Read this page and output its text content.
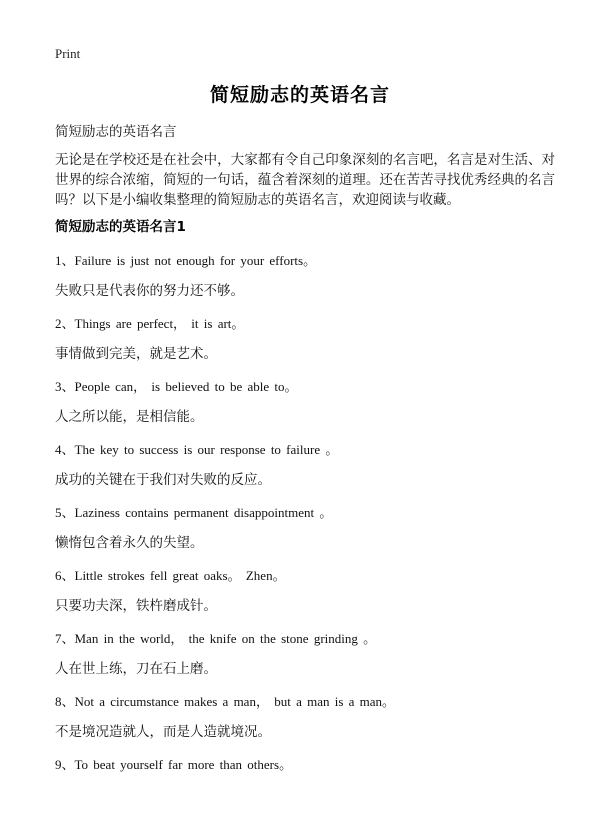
Print
简短励志的英语名言
简短励志的英语名言
无论是在学校还是在社会中，大家都有令自己印象深刻的名言吧，名言是对生活、对世界的综合浓缩，简短的一句话，蕴含着深刻的道理。还在苦苦寻找优秀经典的名言吗？以下是小编收集整理的简短励志的英语名言，欢迎阅读与收藏。
简短励志的英语名言1
1、Failure is just not enough for your efforts。
失败只是代表你的努力还不够。
2、Things are perfect， it is art。
事情做到完美，就是艺术。
3、People can， is believed to be able to。
人之所以能，是相信能。
4、The key to success is our response to failure 。
成功的关键在于我们对失败的反应。
5、Laziness contains permanent disappointment 。
懒惰包含着永久的失望。
6、Little strokes fell great oaks。 Zhen。
只要功夫深，铁杵磨成针。
7、Man in the world， the knife on the stone grinding 。
人在世上练，刀在石上磨。
8、Not a circumstance makes a man， but a man is a man。
不是境况造就人，而是人造就境况。
9、To beat yourself far more than others。
